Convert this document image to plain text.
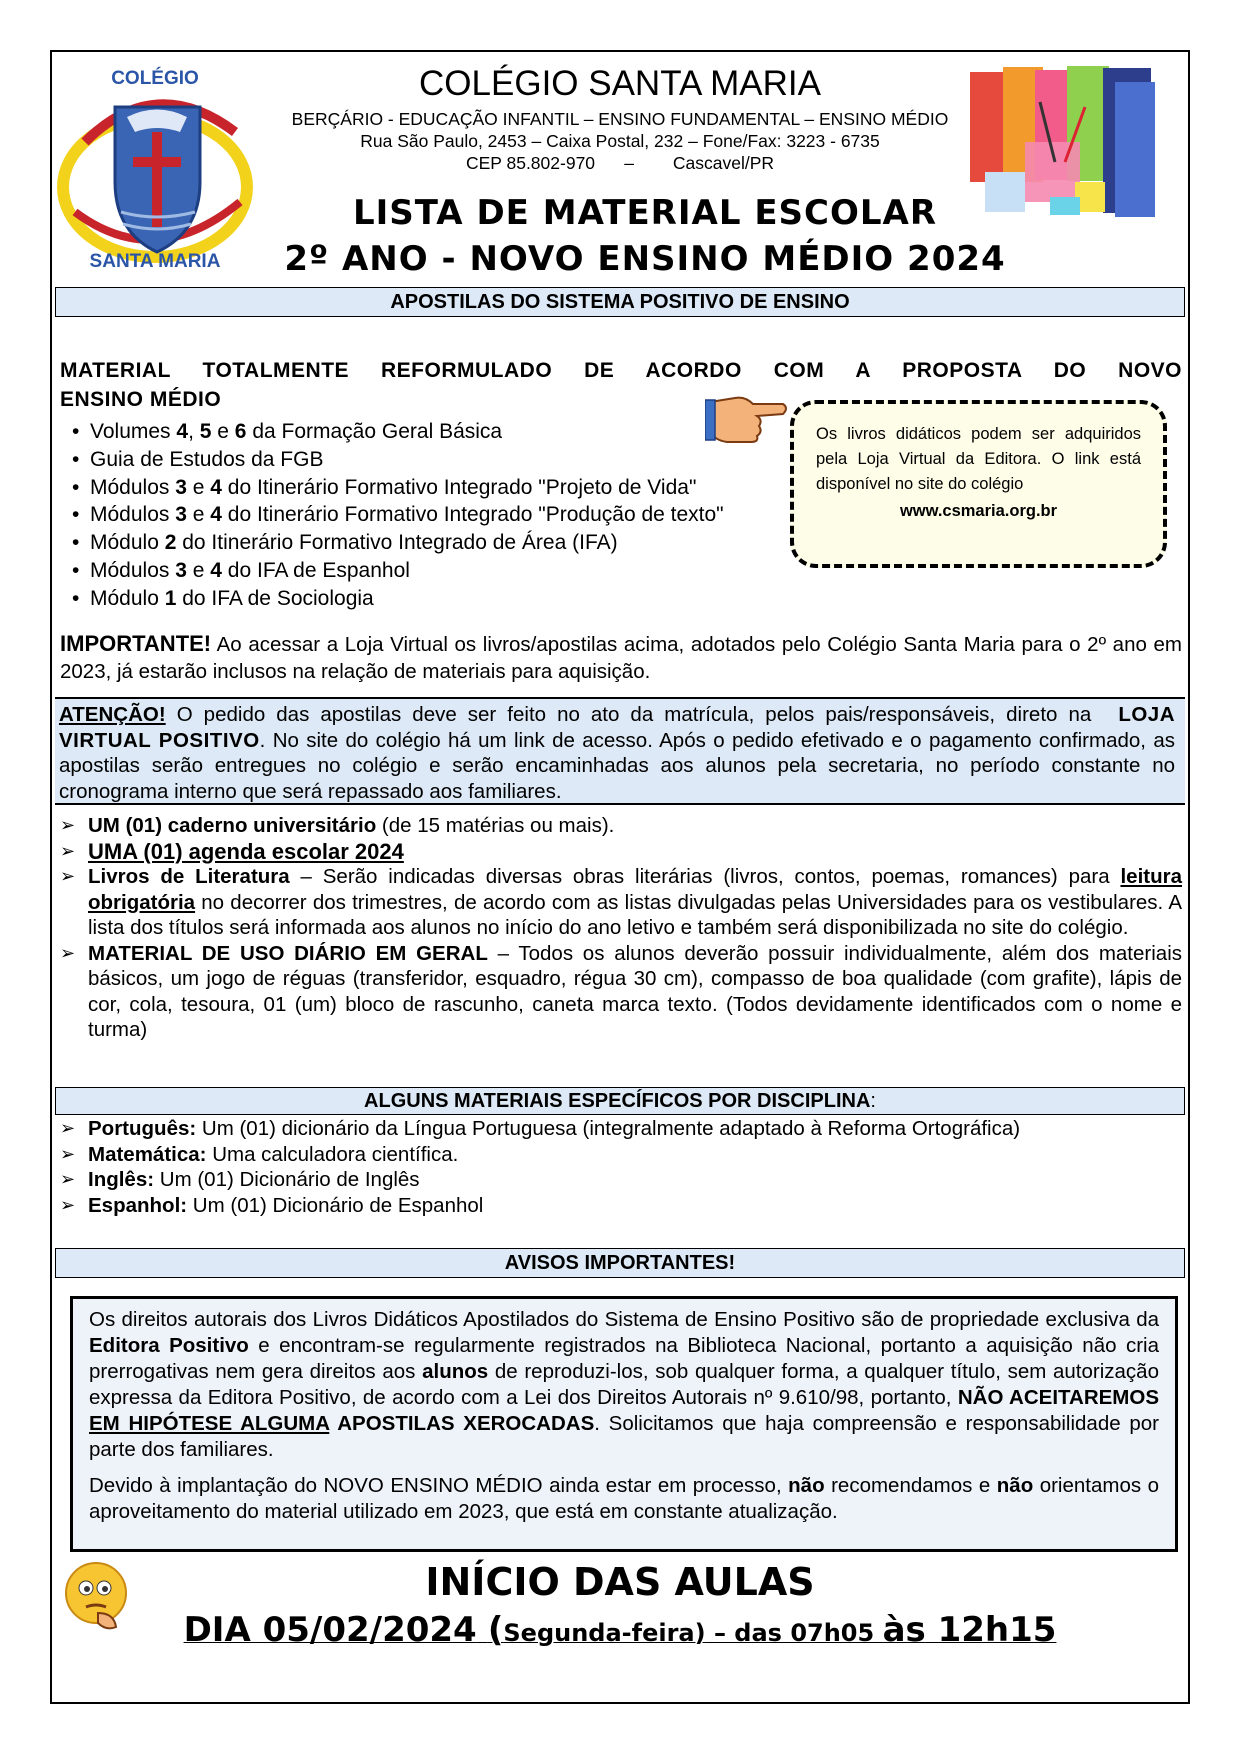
COLÉGIO
SANTA MARIA
COLÉGIO SANTA MARIA
BERÇÁRIO - EDUCAÇÃO INFANTIL – ENSINO FUNDAMENTAL – ENSINO MÉDIO
Rua São Paulo, 2453 – Caixa Postal, 232 – Fone/Fax: 3223 - 6735
CEP 85.802-970 – Cascavel/PR
LISTA DE MATERIAL ESCOLAR
2º ANO - NOVO ENSINO MÉDIO 2024
APOSTILAS DO SISTEMA POSITIVO DE ENSINO
MATERIAL TOTALMENTE REFORMULADO DE ACORDO COM A PROPOSTA DO NOVO
ENSINO MÉDIO
• Volumes 4, 5 e 6 da Formação Geral Básica
• Guia de Estudos da FGB
• Módulos 3 e 4 do Itinerário Formativo Integrado "Projeto de Vida"
• Módulos 3 e 4 do Itinerário Formativo Integrado "Produção de texto"
• Módulo 2 do Itinerário Formativo Integrado de Área (IFA)
• Módulos 3 e 4 do IFA de Espanhol
• Módulo 1 do IFA de Sociologia
Os livros didáticos podem ser adquiridos pela Loja Virtual da Editora. O link está disponível no site do colégio
www.csmaria.org.br
IMPORTANTE! Ao acessar a Loja Virtual os livros/apostilas acima, adotados pelo Colégio Santa Maria para o 2º ano em 2023, já estarão inclusos na relação de materiais para aquisição.
ATENÇÃO! O pedido das apostilas deve ser feito no ato da matrícula, pelos pais/responsáveis, direto na LOJA VIRTUAL POSITIVO. No site do colégio há um link de acesso. Após o pedido efetivado e o pagamento confirmado, as apostilas serão entregues no colégio e serão encaminhadas aos alunos pela secretaria, no período constante no cronograma interno que será repassado aos familiares.
➢ UM (01) caderno universitário (de 15 matérias ou mais).
➢ UMA (01) agenda escolar 2024
➢ Livros de Literatura – Serão indicadas diversas obras literárias (livros, contos, poemas, romances) para leitura obrigatória no decorrer dos trimestres, de acordo com as listas divulgadas pelas Universidades para os vestibulares. A lista dos títulos será informada aos alunos no início do ano letivo e também será disponibilizada no site do colégio.
➢ MATERIAL DE USO DIÁRIO EM GERAL – Todos os alunos deverão possuir individualmente, além dos materiais básicos, um jogo de réguas (transferidor, esquadro, régua 30 cm), compasso de boa qualidade (com grafite), lápis de cor, cola, tesoura, 01 (um) bloco de rascunho, caneta marca texto. (Todos devidamente identificados com o nome e turma)
ALGUNS MATERIAIS ESPECÍFICOS POR DISCIPLINA:
➢ Português: Um (01) dicionário da Língua Portuguesa (integralmente adaptado à Reforma Ortográfica)
➢ Matemática: Uma calculadora científica.
➢ Inglês: Um (01) Dicionário de Inglês
➢ Espanhol: Um (01) Dicionário de Espanhol
AVISOS IMPORTANTES!

Os direitos autorais dos Livros Didáticos Apostilados do Sistema de Ensino Positivo são de propriedade exclusiva da Editora Positivo e encontram-se regularmente registrados na Biblioteca Nacional, portanto a aquisição não cria prerrogativas nem gera direitos aos alunos de reproduzi-los, sob qualquer forma, a qualquer título, sem autorização expressa da Editora Positivo, de acordo com a Lei dos Direitos Autorais nº 9.610/98, portanto, NÃO ACEITAREMOS EM HIPÓTESE ALGUMA APOSTILAS XEROCADAS. Solicitamos que haja compreensão e responsabilidade por parte dos familiares.

Devido à implantação do NOVO ENSINO MÉDIO ainda estar em processo, não recomendamos e não orientamos o aproveitamento do material utilizado em 2023, que está em constante atualização.

INÍCIO DAS AULAS
DIA 05/02/2024 (Segunda-feira) – das 07h05 às 12h15
